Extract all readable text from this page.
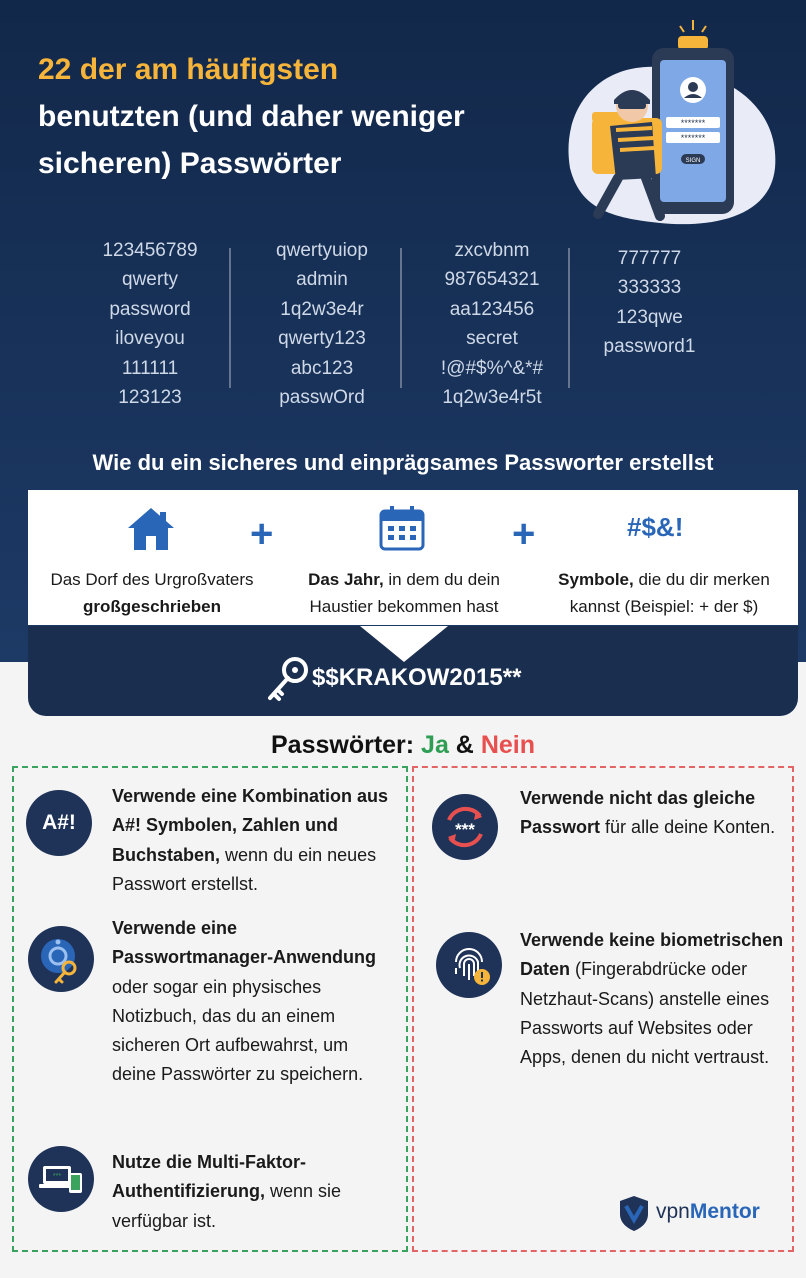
22 der am häufigsten
benutzten (und daher weniger
sicheren) Passwörter
*******
*******
SIGN
123456789
qwerty
password
iloveyou
111111
123123
qwertyuiop
admin
1q2w3e4r
qwerty123
abc123
passwOrd
zxcvbnm
987654321
aa123456
secret
!@#$%^&*#
1q2w3e4r5t
777777
333333
123qwe
password1
Wie du ein sicheres und einprägsames Passworter erstellst
+	+	#$&!
Das Dorf des Urgroßvaters
großgeschrieben
Das Jahr, in dem du dein
Haustier bekommen hast
Symbole, die du dir merken
kannst (Beispiel: + der $)
$$KRAKOW2015**
Passwörter: Ja & Nein
A#!
Verwende eine Kombination aus A#! Symbolen, Zahlen und Buchstaben, wenn du ein neues Passwort erstellst.
Verwende eine Passwortmanager-Anwendung oder sogar ein physisches Notizbuch, das du an einem sicheren Ort aufbewahrst, um deine Passwörter zu speichern.
***
Nutze die Multi-Faktor-Authentifizierung, wenn sie verfügbar ist.
***
Verwende nicht das gleiche Passwort für alle deine Konten.
Verwende keine biometrischen Daten (Fingerabdrücke oder Netzhaut-Scans) anstelle eines Passworts auf Websites oder Apps, denen du nicht vertraust.
vpnMentor
